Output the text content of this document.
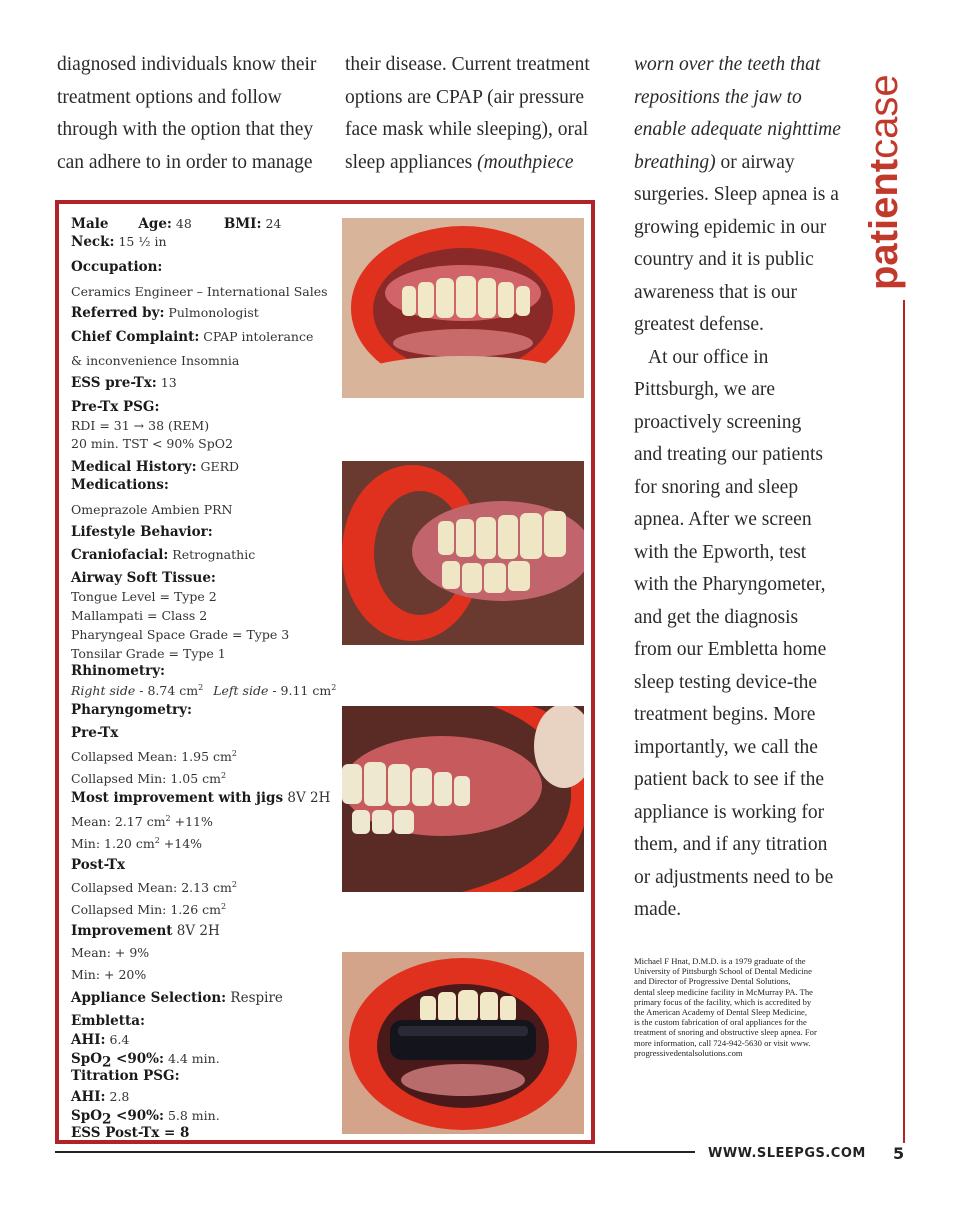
diagnosed individuals know their

treatment options and follow

through with the option that they

can adhere to in order to manage

their disease. Current treatment

options are CPAP (air pressure

face mask while sleeping), oral

sleep appliances (mouthpiece

worn over the teeth that

repositions the jaw to

enable adequate nighttime

breathing) or airway

surgeries. Sleep apnea is a

growing epidemic in our

country and it is public

awareness that is our

greatest defense.

At our office in

Pittsburgh, we are

proactively screening

and treating our patients

for snoring and sleep

apnea. After we screen

with the Epworth, test

with the Pharyngometer,

and get the diagnosis

from our Embletta home

sleep testing device-the

treatment begins. More

importantly, we call the

patient back to see if the

appliance is working for

them, and if any titration

or adjustments need to be

made.

patientcase
Male Age: 48 BMI: 24
Neck: 15 ½ in
Occupation:
Ceramics Engineer – International Sales
Referred by: Pulmonologist
Chief Complaint: CPAP intolerance
& inconvenience Insomnia
ESS pre-Tx: 13
Pre-Tx PSG:
RDI = 31 → 38 (REM)
20 min. TST < 90% SpO2
Medical History: GERD
Medications:
Omeprazole Ambien PRN
Lifestyle Behavior:
Craniofacial: Retrognathic
Airway Soft Tissue:
Tongue Level = Type 2
Mallampati = Class 2
Pharyngeal Space Grade = Type 3
Tonsilar Grade = Type 1
Rhinometry:
Right side - 8.74 $cm^2$ Left side - 9.11 $cm^2$
Pharyngometry:
Pre-Tx
Collapsed Mean: 1.95 $cm^2$
Collapsed Min: 1.05 $cm^2$
Most improvement with jigs 8V 2H
Mean: 2.17 $cm^2 +11\%$
Min: 1.20 $cm^2 +14\%$
Post-Tx
Collapsed Mean: 2.13 $cm^2$
Collapsed Min: 1.26 $cm^2$
Improvement 8V 2H
Mean: + 9%
Min: + 20%
Appliance Selection: Respire
Embletta:
AHI: 6.4
SpO$_2$ <90%: 4.4 min.
Titration PSG:
AHI: 2.8
SpO$_2$ <90%: 5.8 min.
ESS Post-Tx = 8
Michael F Hnat, D.M.D. is a 1979 graduate of the
University of Pittsburgh School of Dental Medicine
and Director of Progressive Dental Solutions,
dental sleep medicine facility in McMurray PA. The
primary focus of the facility, which is accredited by
the American Academy of Dental Sleep Medicine,
is the custom fabrication of oral appliances for the
treatment of snoring and obstructive sleep apnea. For
more information, call 724-942-5630 or visit www.
progressivedentalsolutions.com
WWW.SLEEPGS.COM 5
